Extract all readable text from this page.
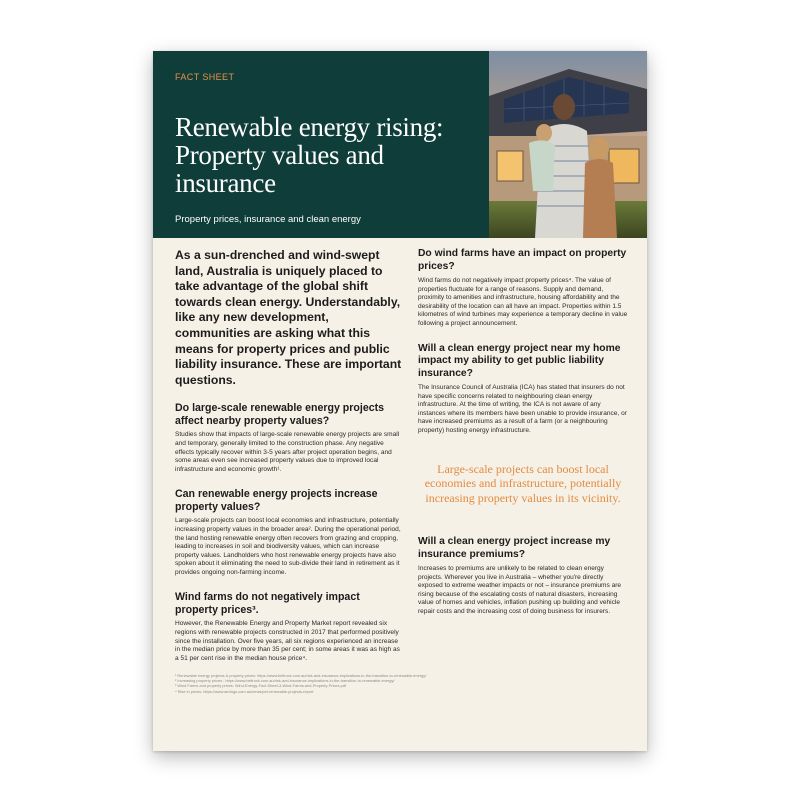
FACT SHEET
Renewable energy rising:
Property values and
insurance
Property prices, insurance and clean energy

As a sun-drenched and wind-swept land, Australia is uniquely placed to take advantage of the global shift towards clean energy. Understandably, like any new development, communities are asking what this means for property prices and public liability insurance. These are important questions.

Do large-scale renewable energy projects affect nearby property values?

Studies show that impacts of large-scale renewable energy projects are small and temporary, generally limited to the construction phase. Any negative effects typically recover within 3-5 years after project operation begins, and some areas even see increased property values due to improved local infrastructure and economic growth¹.

Can renewable energy projects increase property values?

Large-scale projects can boost local economies and infrastructure, potentially increasing property values in the broader area². During the operational period, the land hosting renewable energy often recovers from grazing and cropping, leading to increases in soil and biodiversity values, which can increase property values. Landholders who host renewable energy projects have also spoken about it eliminating the need to sub-divide their land in retirement as it provides ongoing non-farming income.

Wind farms do not negatively impact property prices³.

However, the Renewable Energy and Property Market report revealed six regions with renewable projects constructed in 2017 that performed positively since the installation. Over five years, all six regions experienced an increase in the median price by more than 35 per cent; in some areas it was as high as a 51 per cent rise in the median house price⁴.

Do wind farms have an impact on property prices?

Wind farms do not negatively impact property prices⁴. The value of properties fluctuate for a range of reasons. Supply and demand, proximity to amenities and infrastructure, housing affordability and the desirability of the location can all have an impact. Properties within 1.5 kilometres of wind turbines may experience a temporary decline in value following a project announcement.

Will a clean energy project near my home impact my ability to get public liability insurance?

The Insurance Council of Australia (ICA) has stated that insurers do not have specific concerns related to neighbouring clean energy infrastructure. At the time of writing, the ICA is not aware of any instances where its members have been unable to provide insurance, or have increased premiums as a result of a farm (or a neighbouring property) hosting energy infrastructure.

Large-scale projects can boost local economies and infrastructure, potentially increasing property values in its vicinity.
Will a clean energy project increase my insurance premiums?

Increases to premiums are unlikely to be related to clean energy projects. Wherever you live in Australia – whether you're directly exposed to extreme weather impacts or not – insurance premiums are rising because of the escalating costs of natural disasters, increasing value of homes and vehicles, inflation pushing up building and vehicle repair costs and the increasing cost of doing business for insurers.

¹ Renewable energy projects & property prices: https://www.bellrock.com.au/risk-and-insurance-implications-in-the-transition-to-renewable-energy/
² Increasing property prices : https://www.bellrock.com.au/risk-and-insurance-implications-in-the-transition-to-renewable-energy/
³ Wind Farms and property prices: Wind-Energy-Fact-Sheet-3-Wind-Farms-and-Property-Prices.pdf
⁴ Rise in prices: https://www.aerlogo.com.au/news/pet-renewable-projects-report
